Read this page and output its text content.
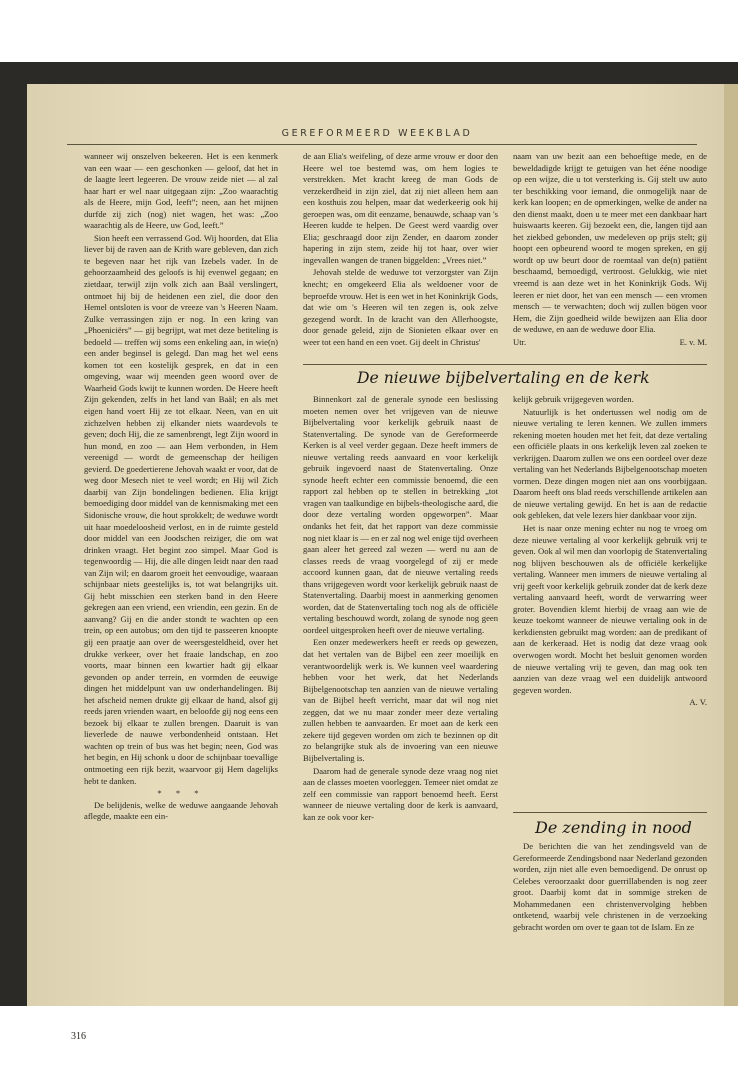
GEREFORMEERD WEEKBLAD

wanneer wij onszelven bekeeren. Het is een kenmerk van een waar — een geschonken — geloof, dat het in de laagte leert legeeren. De vrouw zeide niet — al zal haar hart er wel naar uitgegaan zijn: „Zoo waarachtig als de Heere, mijn God, leeft”; neen, aan het mijnen durfde zij zich (nog) niet wagen, het was: „Zoo waarachtig als de Heere, uw God, leeft.”

Sion heeft een verrassend God. Wij hoorden, dat Elia liever bij de raven aan de Krith ware gebleven, dan zich te begeven naar het rijk van Izebels vader. In de gehoorzaamheid des geloofs is hij evenwel gegaan; en zietdaar, terwijl zijn volk zich aan Baäl verslingert, ontmoet hij bij de heidenen een ziel, die door den Hemel ontsloten is voor de vreeze van 's Heeren Naam. Zulke verrassingen zijn er nog. In een kring van „Phoeniciërs” — gij begrijpt, wat met deze betiteling is bedoeld — treffen wij soms een enkeling aan, in wie(n) een ander beginsel is gelegd. Dan mag het wel eens komen tot een kostelijk gesprek, en dat in een omgeving, waar wij meenden geen woord over de Waarheid Gods kwijt te kunnen worden. De Heere heeft Zijn gekenden, zelfs in het land van Baäl; en als met eigen hand voert Hij ze tot elkaar. Neen, van en uit zichzelven hebben zij elkander niets waardevols te geven; doch Hij, die ze samenbrengt, legt Zijn woord in hun mond, en zoo — aan Hem verbonden, in Hem vereenigd — wordt de gemeenschap der heiligen gevierd. De goedertierene Jehovah waakt er voor, dat de weg door Mesech niet te veel wordt; en Hij wil Zich daarbij van Zijn bondelingen bedienen. Elia krijgt bemoediging door middel van de kennismaking met een Sidonische vrouw, die hout sprokkelt; de weduwe wordt uit haar moedeloosheid verlost, en in de ruimte gesteld door middel van een Joodschen reiziger, die om wat drinken vraagt. Het begint zoo simpel. Maar God is tegenwoordig — Hij, die alle dingen leidt naar den raad van Zijn wil; en daarom groeit het eenvoudige, waaraan schijnbaar niets geestelijks is, tot wat belangrijks uit. Gij hebt misschien een sterken band in den Heere gekregen aan een vriend, een vriendin, een gezin. En de aanvang? Gij en die ander stondt te wachten op een trein, op een autobus; om den tijd te passeeren knoopte gij een praatje aan over de weersgesteldheid, over het drukke verkeer, over het fraaie landschap, en zoo voorts, maar binnen een kwartier hadt gij elkaar gevonden op ander terrein, en vormden de eeuwige dingen het middelpunt van uw onderhandelingen. Bij het afscheid nemen drukte gij elkaar de hand, alsof gij reeds jaren vrienden waart, en beloofde gij nog eens een bezoek bij elkaar te zullen brengen. Daaruit is van lieverlede de nauwe verbondenheid ontstaan. Het wachten op trein of bus was het begin; neen, God was het begin, en Hij schonk u door de schijnbaar toevallige ontmoeting een rijk bezit, waarvoor gij Hem dagelijks hebt te danken.

* * *

De belijdenis, welke de weduwe aangaande Jehovah aflegde, maakte een ein-

de aan Elia's weifeling, of deze arme vrouw er door den Heere wel toe bestemd was, om hem logies te verstrekken. Met kracht kreeg de man Gods de verzekerdheid in zijn ziel, dat zij niet alleen hem aan een kosthuis zou helpen, maar dat wederkeerig ook hij geroepen was, om dit eenzame, benauwde, schaap van 's Heeren kudde te helpen. De Geest werd vaardig over Elia; geschraagd door zijn Zender, en daarom zonder hapering in zijn stem, zeide hij tot haar, over wier ingevallen wangen de tranen biggelden: „Vrees niet.”

Jehovah stelde de weduwe tot verzorgster van Zijn knecht; en omgekeerd Elia als weldoener voor de beproefde vrouw. Het is een wet in het Koninkrijk Gods, dat wie om 's Heeren wil ten zegen is, ook zelve gezegend wordt. In de kracht van den Allerhoogste, door genade geleid, zijn de Sionieten elkaar over en weer tot een hand en een voet. Gij deelt in Christus'

naam van uw bezit aan een behoeftige mede, en de beweldadigde krijgt te getuigen van het ééne noodige op een wijze, die u tot versterking is. Gij stelt uw auto ter beschikking voor iemand, die onmogelijk naar de kerk kan loopen; en de opmerkingen, welke de ander na den dienst maakt, doen u te meer met een dankbaar hart huiswaarts keeren. Gij bezoekt een, die, langen tijd aan het ziekbed gebonden, uw medeleven op prijs stelt; gij hoopt een opbeurend woord te mogen spreken, en gij wordt op uw beurt door de roemtaal van de(n) patiënt beschaamd, bemoedigd, vertroost. Gelukkig, wie niet vreemd is aan deze wet in het Koninkrijk Gods. Wij leeren er niet door, het van een mensch — een vromen mensch — te verwachten; doch wij zullen bögen voor Hem, die Zijn goedheid wilde bewijzen aan Elia door de weduwe, en aan de weduwe door Elia.

Utr.	E. v. M.
De nieuwe bijbelvertaling en de kerk

Binnenkort zal de generale synode een beslissing moeten nemen over het vrijgeven van de nieuwe Bijbelvertaling voor kerkelijk gebruik naast de Statenvertaling. De synode van de Gereformeerde Kerken is al veel verder gegaan. Deze heeft immers de nieuwe vertaling reeds aanvaard en voor kerkelijk gebruik ingevoerd naast de Statenvertaling. Onze synode heeft echter een commissie benoemd, die een rapport zal hebben op te stellen in betrekking „tot vragen van taalkundige en bijbels-theologische aard, die door deze vertaling worden opgeworpen”. Maar ondanks het feit, dat het rapport van deze commissie nog niet klaar is — en er zal nog wel enige tijd overheen gaan aleer het gereed zal wezen — werd nu aan de classes reeds de vraag voorgelegd of zij er mede accoord kunnen gaan, dat de nieuwe vertaling reeds thans vrijgegeven wordt voor kerkelijk gebruik naast de Statenvertaling. Daarbij moest in aanmerking genomen worden, dat de Statenvertaling toch nog als de officiële vertaling beschouwd wordt, zolang de synode nog geen oordeel uitgesproken heeft over de nieuwe vertaling.

Een onzer medewerkers heeft er reeds op gewezen, dat het vertalen van de Bijbel een zeer moeilijk en verantwoordelijk werk is. We kunnen veel waardering hebben voor het werk, dat het Nederlands Bijbelgenootschap ten aanzien van de nieuwe vertaling van de Bijbel heeft verricht, maar dat wil nog niet zeggen, dat we nu maar zonder meer deze vertaling zullen hebben te aanvaarden. Er moet aan de kerk een zekere tijd gegeven worden om zich te bezinnen op dit zo belangrijke stuk als de invoering van een nieuwe Bijbelvertaling is.

Daarom had de generale synode deze vraag nog niet aan de classes moeten voorleggen. Temeer niet omdat ze zelf een commissie van rapport benoemd heeft. Eerst wanneer de nieuwe vertaling door de kerk is aanvaard, kan ze ook voor ker-

kelijk gebruik vrijgegeven worden.

Natuurlijk is het ondertussen wel nodig om de nieuwe vertaling te leren kennen. We zullen immers rekening moeten houden met het feit, dat deze vertaling een officiële plaats in ons kerkelijk leven zal zoeken te verkrijgen. Daarom zullen we ons een oordeel over deze vertaling van het Nederlands Bijbelgenootschap moeten vormen. Deze dingen mogen niet aan ons voorbijgaan. Daarom heeft ons blad reeds verschillende artikelen aan de nieuwe vertaling gewijd. En het is aan de redactie ook gebleken, dat vele lezers hier dankbaar voor zijn.

Het is naar onze mening echter nu nog te vroeg om deze nieuwe vertaling al voor kerkelijk gebruik vrij te geven. Ook al wil men dan voorlopig de Statenvertaling nog blijven beschouwen als de officiële kerkelijke vertaling. Wanneer men immers de nieuwe vertaling al vrij geeft voor kerkelijk gebruik zonder dat de kerk deze vertaling aanvaard heeft, wordt de verwarring weer groter. Bovendien klemt hierbij de vraag aan wie de keuze toekomt wanneer de nieuwe vertaling ook in de kerkdiensten gebruikt mag worden: aan de predikant of aan de kerkeraad. Het is nodig dat deze vraag ook overwogen wordt. Mocht het besluit genomen worden de nieuwe vertaling vrij te geven, dan mag ook ten aanzien van deze vraag wel een duidelijk antwoord gegeven worden.

A. V.
De zending in nood

De berichten die van het zendingsveld van de Gereformeerde Zendingsbond naar Nederland gezonden worden, zijn niet alle even bemoedigend. De onrust op Celebes veroorzaakt door guerrillabenden is nog zeer groot. Daarbij komt dat in sommige streken de Mohammedanen een christenvervolging hebben ontketend, waarbij vele christenen in de verzoeking gebracht worden om over te gaan tot de Islam. En ze

316
